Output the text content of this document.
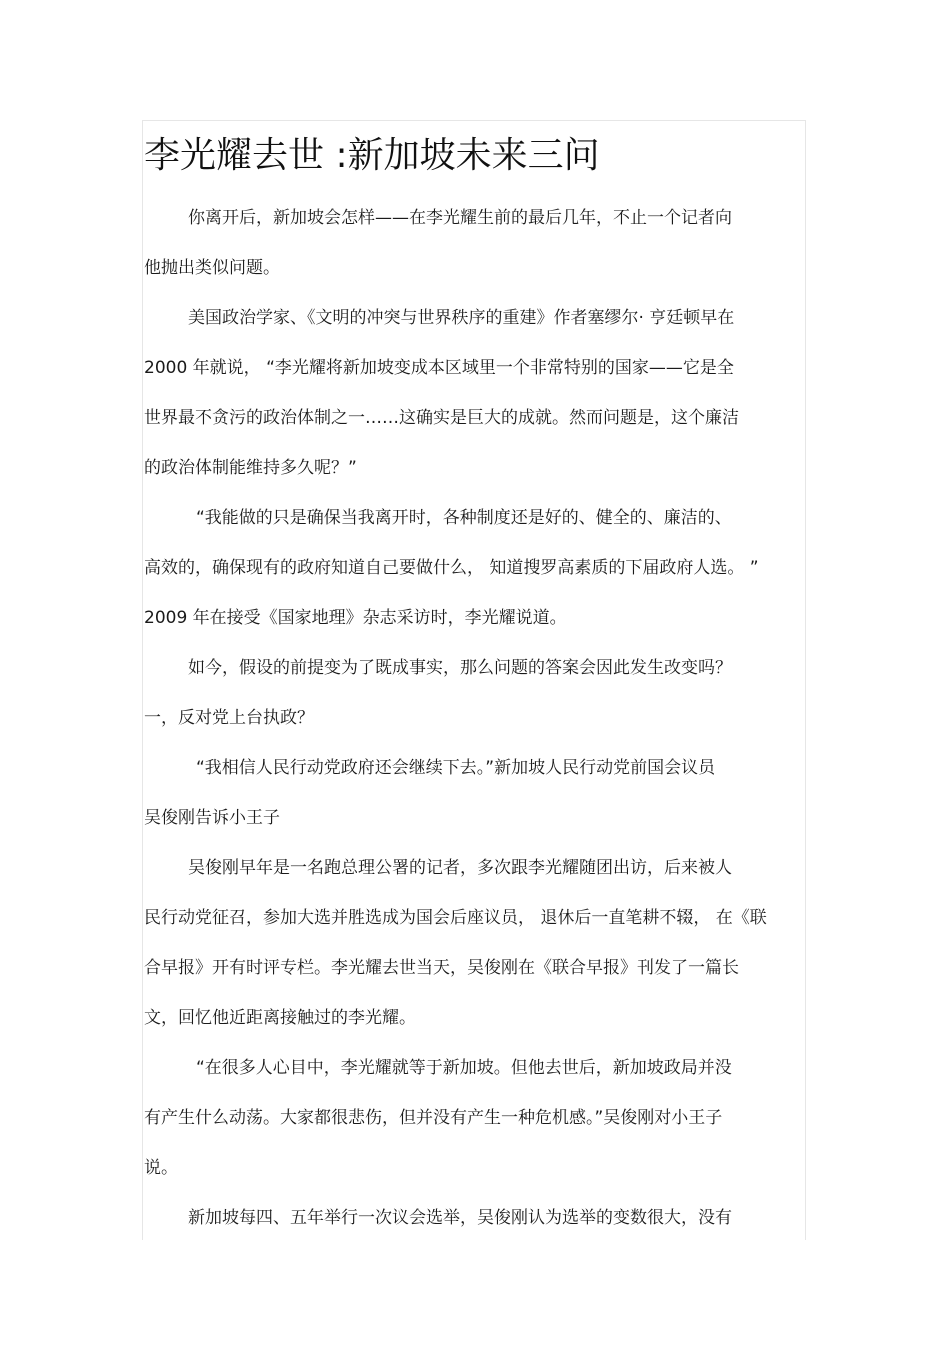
李光耀去世 :新加坡未来三问
你离开后，新加坡会怎样——在李光耀生前的最后几年，不止一个记者向
他抛出类似问题。
美国政治学家、《文明的冲突与世界秩序的重建》作者塞缪尔· 亨廷顿早在
2000 年就说， “李光耀将新加坡变成本区域里一个非常特别的国家——它是全
世界最不贪污的政治体制之一……这确实是巨大的成就。然而问题是，这个廉洁
的政治体制能维持多久呢？”
“我能做的只是确保当我离开时，各种制度还是好的、健全的、廉洁的、
高效的，确保现有的政府知道自己要做什么， 知道搜罗高素质的下届政府人选。 ”
2009 年在接受《国家地理》杂志采访时，李光耀说道。
如今，假设的前提变为了既成事实，那么问题的答案会因此发生改变吗？
一，反对党上台执政？
“我相信人民行动党政府还会继续下去。”新加坡人民行动党前国会议员
吴俊刚告诉小王子
吴俊刚早年是一名跑总理公署的记者，多次跟李光耀随团出访，后来被人
民行动党征召，参加大选并胜选成为国会后座议员， 退休后一直笔耕不辍， 在《联
合早报》开有时评专栏。李光耀去世当天，吴俊刚在《联合早报》刊发了一篇长
文，回忆他近距离接触过的李光耀。
“在很多人心目中，李光耀就等于新加坡。但他去世后，新加坡政局并没
有产生什么动荡。大家都很悲伤，但并没有产生一种危机感。”吴俊刚对小王子
说。
新加坡每四、五年举行一次议会选举，吴俊刚认为选举的变数很大，没有
